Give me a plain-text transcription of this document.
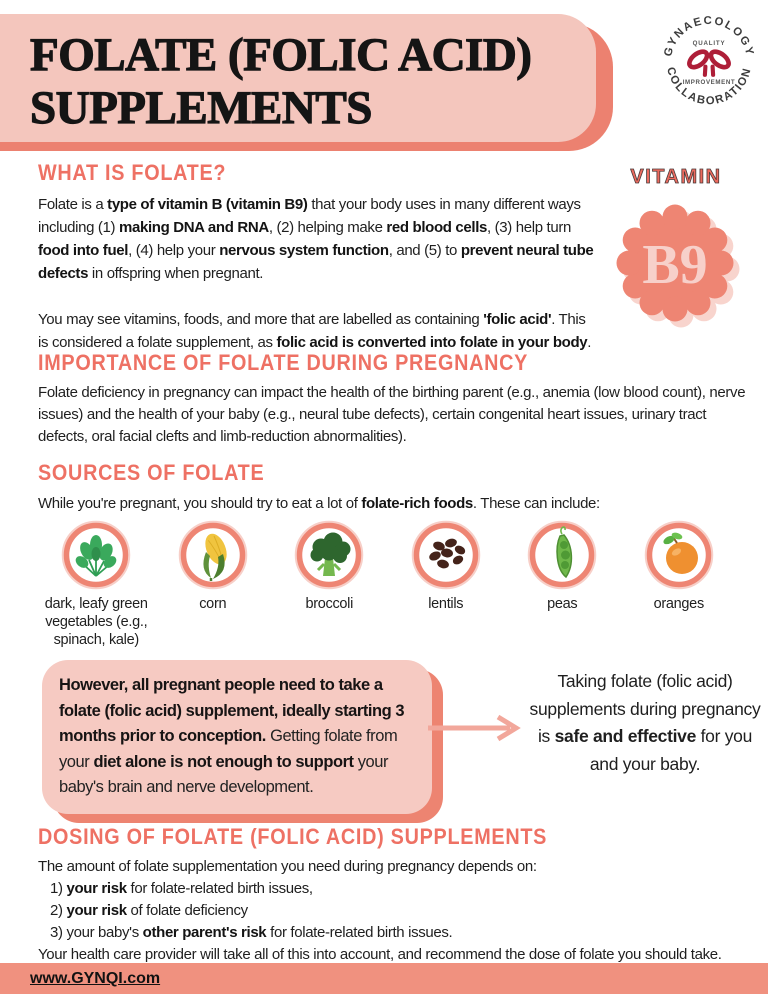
FOLATE (FOLIC ACID)
SUPPLEMENTS
GYNAECOLOGY
COLLABORATION
QUALITY
IMPROVEMENT
WHAT IS FOLATE?

Folate is a type of vitamin B (vitamin B9) that your body uses in many different ways including (1) making DNA and RNA, (2) helping make red blood cells, (3) help turn food into fuel, (4) help your nervous system function, and (5) to prevent neural tube defects in offspring when pregnant.

You may see vitamins, foods, and more that are labelled as containing 'folic acid'. This is considered a folate supplement, as folic acid is converted into folate in your body.

VITAMIN
B9
IMPORTANCE OF FOLATE DURING PREGNANCY

Folate deficiency in pregnancy can impact the health of the birthing parent (e.g., anemia (low blood count), nerve issues) and the health of your baby (e.g., neural tube defects), certain congenital heart issues, urinary tract defects, oral facial clefts and limb-reduction abnormalities).

SOURCES OF FOLATE

While you're pregnant, you should try to eat a lot of folate-rich foods. These can include:

dark, leafy green vegetables (e.g., spinach, kale)
corn	broccoli	lentils	peas	oranges
However, all pregnant people need to take a folate (folic acid) supplement, ideally starting 3 months prior to conception. Getting folate from your diet alone is not enough to support your baby's brain and nerve development.
Taking folate (folic acid) supplements during pregnancy is safe and effective for you and your baby.
DOSING OF FOLATE (FOLIC ACID) SUPPLEMENTS

The amount of folate supplementation you need during pregnancy depends on:

1) your risk for folate-related birth issues,

2) your risk of folate deficiency

3) your baby's other parent's risk for folate-related birth issues.

Your health care provider will take all of this into account, and recommend the dose of folate you should take.

www.GYNQI.com
